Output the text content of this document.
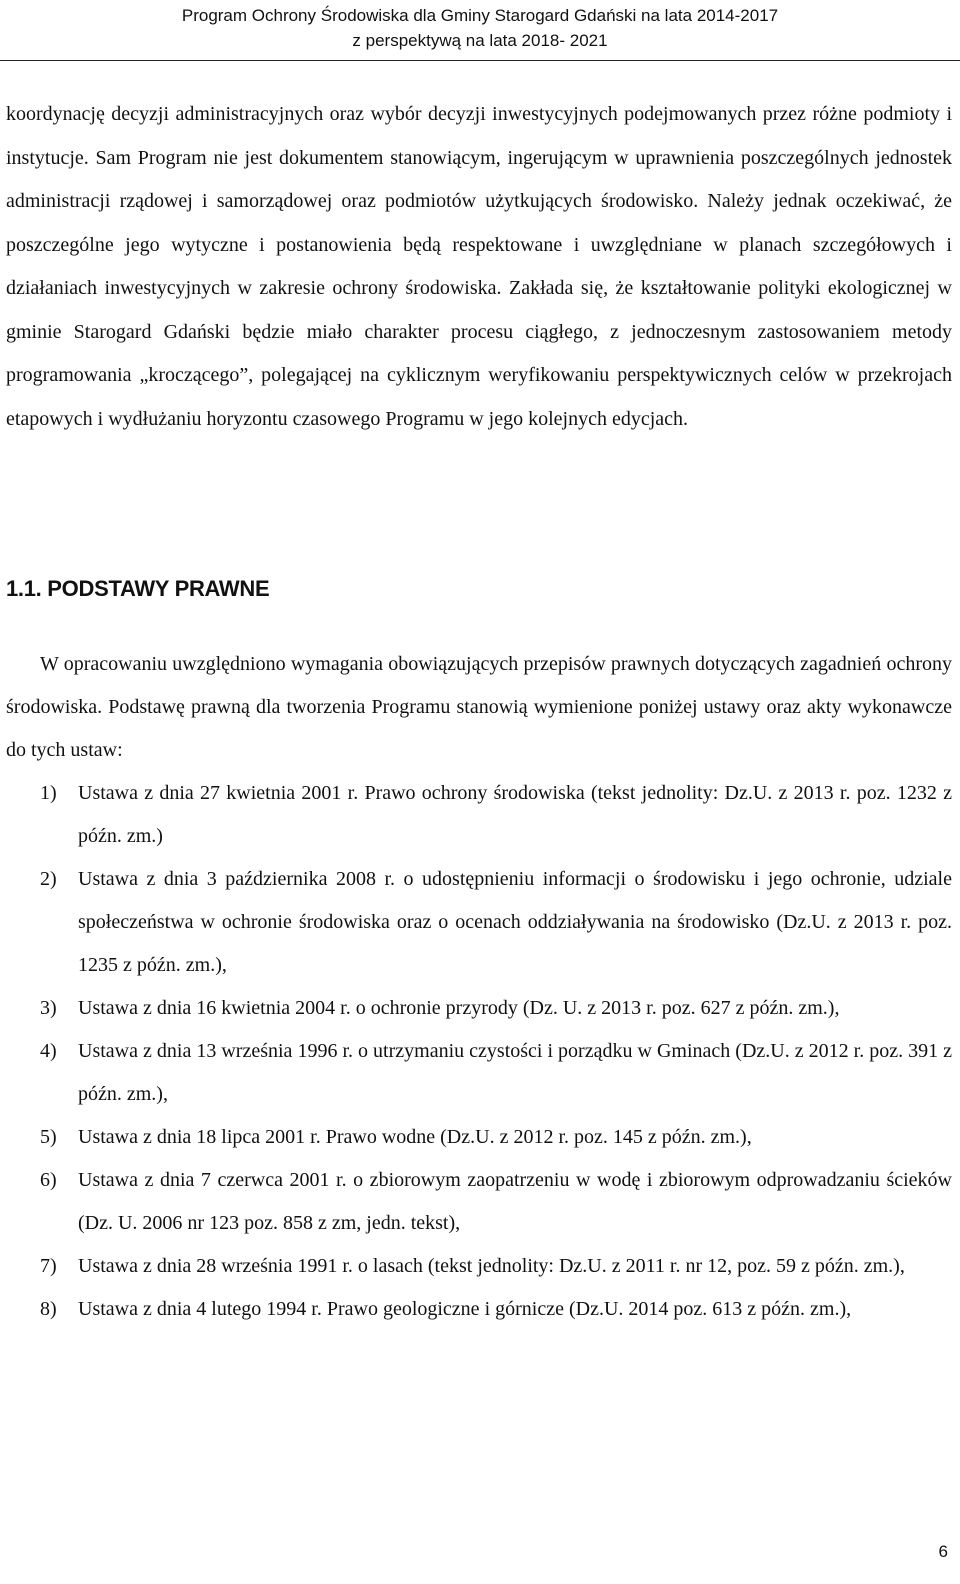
Program Ochrony Środowiska dla Gminy Starogard Gdański na lata 2014-2017
z perspektywą na lata 2018- 2021

koordynację decyzji administracyjnych oraz wybór decyzji inwestycyjnych podejmowanych przez różne podmioty i instytucje. Sam Program nie jest dokumentem stanowiącym, ingerującym w uprawnienia poszczególnych jednostek administracji rządowej i samorządowej oraz podmiotów użytkujących środowisko. Należy jednak oczekiwać, że poszczególne jego wytyczne i postanowienia będą respektowane i uwzględniane w planach szczegółowych i działaniach inwestycyjnych w zakresie ochrony środowiska. Zakłada się, że kształtowanie polityki ekologicznej w gminie Starogard Gdański będzie miało charakter procesu ciągłego, z jednoczesnym zastosowaniem metody programowania „kroczącego”, polegającej na cyklicznym weryfikowaniu perspektywicznych celów w przekrojach etapowych i wydłużaniu horyzontu czasowego Programu w jego kolejnych edycjach.

1.1. PODSTAWY PRAWNE

W opracowaniu uwzględniono wymagania obowiązujących przepisów prawnych dotyczących zagadnień ochrony środowiska. Podstawę prawną dla tworzenia Programu stanowią wymienione poniżej ustawy oraz akty wykonawcze do tych ustaw:

1) Ustawa z dnia 27 kwietnia 2001 r. Prawo ochrony środowiska (tekst jednolity: Dz.U. z 2013 r. poz. 1232 z późn. zm.)
2) Ustawa z dnia 3 października 2008 r. o udostępnieniu informacji o środowisku i jego ochronie, udziale społeczeństwa w ochronie środowiska oraz o ocenach oddziaływania na środowisko (Dz.U. z 2013 r. poz. 1235 z późn. zm.),
3) Ustawa z dnia 16 kwietnia 2004 r. o ochronie przyrody (Dz. U. z 2013 r. poz. 627 z późn. zm.),
4) Ustawa z dnia 13 września 1996 r. o utrzymaniu czystości i porządku w Gminach (Dz.U. z 2012 r. poz. 391 z późn. zm.),
5) Ustawa z dnia 18 lipca 2001 r. Prawo wodne (Dz.U. z 2012 r. poz. 145 z późn. zm.),
6) Ustawa z dnia 7 czerwca 2001 r. o zbiorowym zaopatrzeniu w wodę i zbiorowym odprowadzaniu ścieków (Dz. U. 2006 nr 123 poz. 858 z zm, jedn. tekst),
7) Ustawa z dnia 28 września 1991 r. o lasach (tekst jednolity: Dz.U. z 2011 r. nr 12, poz. 59 z późn. zm.),
8) Ustawa z dnia 4 lutego 1994 r. Prawo geologiczne i górnicze (Dz.U. 2014 poz. 613 z późn. zm.),
6
